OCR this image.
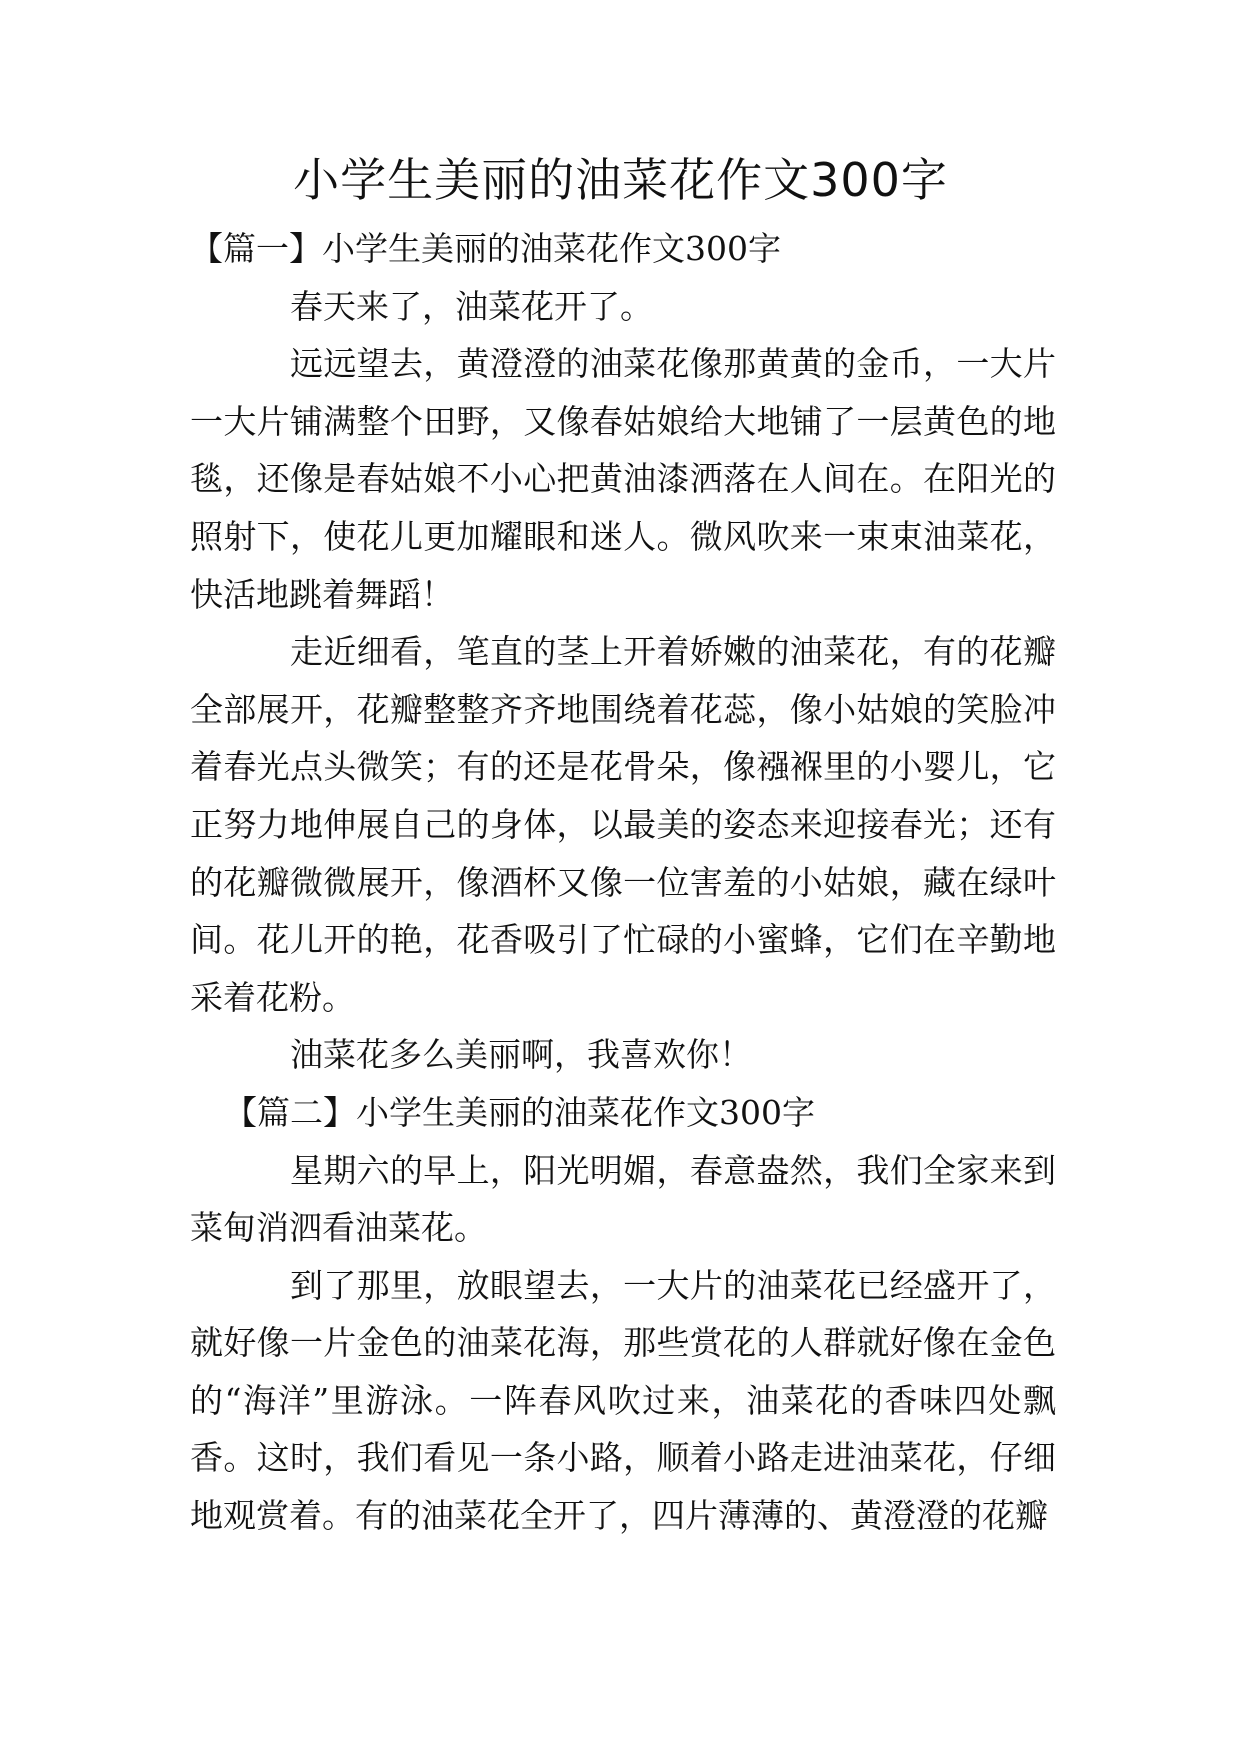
小学生美丽的油菜花作文300字

【篇一】小学生美丽的油菜花作文300字

春天来了，油菜花开了。

远远望去，黄澄澄的油菜花像那黄黄的金币，一大片一大片铺满整个田野，又像春姑娘给大地铺了一层黄色的地毯，还像是春姑娘不小心把黄油漆洒落在人间在。在阳光的照射下，使花儿更加耀眼和迷人。微风吹来一束束油菜花，快活地跳着舞蹈！

走近细看，笔直的茎上开着娇嫩的油菜花，有的花瓣全部展开，花瓣整整齐齐地围绕着花蕊，像小姑娘的笑脸冲着春光点头微笑；有的还是花骨朵，像襁褓里的小婴儿，它正努力地伸展自己的身体，以最美的姿态来迎接春光；还有的花瓣微微展开，像酒杯又像一位害羞的小姑娘，藏在绿叶间。花儿开的艳，花香吸引了忙碌的小蜜蜂，它们在辛勤地采着花粉。

油菜花多么美丽啊，我喜欢你！

【篇二】小学生美丽的油菜花作文300字

星期六的早上，阳光明媚，春意盎然，我们全家来到菜甸消泗看油菜花。

到了那里，放眼望去，一大片的油菜花已经盛开了，就好像一片金色的油菜花海，那些赏花的人群就好像在金色的“海洋”里游泳。一阵春风吹过来，油菜花的香味四处飘香。这时，我们看见一条小路，顺着小路走进油菜花，仔细地观赏着。有的油菜花全开了，四片薄薄的、黄澄澄的花瓣
